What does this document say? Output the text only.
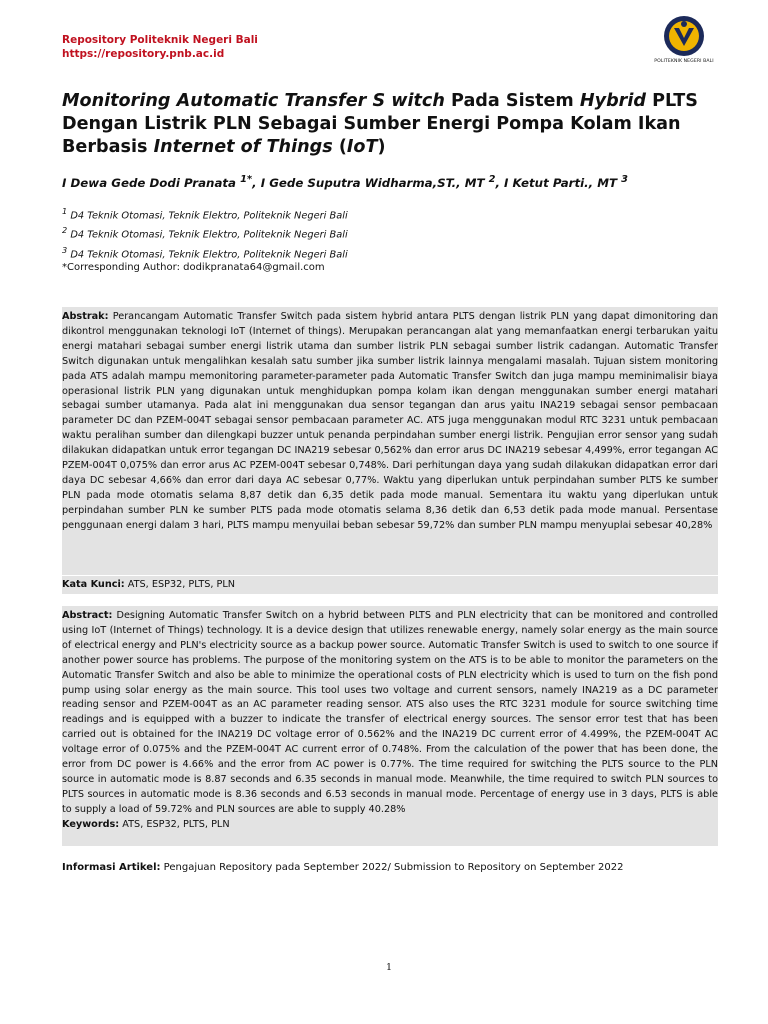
Repository Politeknik Negeri Bali
https://repository.pnb.ac.id
POLITEKNIK NEGERI BALI
Monitoring Automatic Transfer S witch Pada Sistem Hybrid PLTS Dengan Listrik PLN Sebagai Sumber Energi Pompa Kolam Ikan Berbasis Internet of Things (IoT)
I Dewa Gede Dodi Pranata $^{1*}$, I Gede Suputra Widharma,ST., MT $^2$, I Ketut Parti., MT $^3$
$^1$ D4 Teknik Otomasi, Teknik Elektro, Politeknik Negeri Bali
$^2$ D4 Teknik Otomasi, Teknik Elektro, Politeknik Negeri Bali
$^3$ D4 Teknik Otomasi, Teknik Elektro, Politeknik Negeri Bali
*Corresponding Author: dodikpranata64@gmail.com

Abstrak: Perancangam Automatic Transfer Switch pada sistem hybrid antara PLTS dengan listrik PLN yang dapat dimonitoring dan dikontrol menggunakan teknologi IoT (Internet of things). Merupakan perancangan alat yang memanfaatkan energi terbarukan yaitu energi matahari sebagai sumber energi listrik utama dan sumber listrik PLN sebagai sumber listrik cadangan. Automatic Transfer Switch digunakan untuk mengalihkan kesalah satu sumber jika sumber listrik lainnya mengalami masalah. Tujuan sistem monitoring pada ATS adalah mampu memonitoring parameter-parameter pada Automatic Transfer Switch dan juga mampu meminimalisir biaya operasional listrik PLN yang digunakan untuk menghidupkan pompa kolam ikan dengan menggunakan sumber energi matahari sebagai sumber utamanya. Pada alat ini menggunakan dua sensor tegangan dan arus yaitu INA219 sebagai sensor pembacaan parameter DC dan PZEM-004T sebagai sensor pembacaan parameter AC. ATS juga menggunakan modul RTC 3231 untuk pembacaan waktu peralihan sumber dan dilengkapi buzzer untuk penanda perpindahan sumber energi listrik. Pengujian error sensor yang sudah dilakukan didapatkan untuk error tegangan DC INA219 sebesar 0,562% dan error arus DC INA219 sebesar 4,499%, error tegangan AC PZEM-004T 0,075% dan error arus AC PZEM-004T sebesar 0,748%. Dari perhitungan daya yang sudah dilakukan didapatkan error dari daya DC sebesar 4,66% dan error dari daya AC sebesar 0,77%. Waktu yang diperlukan untuk perpindahan sumber PLTS ke sumber PLN pada mode otomatis selama 8,87 detik dan 6,35 detik pada mode manual. Sementara itu waktu yang diperlukan untuk perpindahan sumber PLN ke sumber PLTS pada mode otomatis selama 8,36 detik dan 6,53 detik pada mode manual. Persentase penggunaan energi dalam 3 hari, PLTS mampu menyuilai beban sebesar 59,72% dan sumber PLN mampu menyuplai sebesar 40,28%

Kata Kunci: ATS, ESP32, PLTS, PLN

Abstract: Designing Automatic Transfer Switch on a hybrid between PLTS and PLN electricity that can be monitored and controlled using IoT (Internet of Things) technology. It is a device design that utilizes renewable energy, namely solar energy as the main source of electrical energy and PLN's electricity source as a backup power source. Automatic Transfer Switch is used to switch to one source if another power source has problems. The purpose of the monitoring system on the ATS is to be able to monitor the parameters on the Automatic Transfer Switch and also be able to minimize the operational costs of PLN electricity which is used to turn on the fish pond pump using solar energy as the main source. This tool uses two voltage and current sensors, namely INA219 as a DC parameter reading sensor and PZEM-004T as an AC parameter reading sensor. ATS also uses the RTC 3231 module for source switching time readings and is equipped with a buzzer to indicate the transfer of electrical energy sources. The sensor error test that has been carried out is obtained for the INA219 DC voltage error of 0.562% and the INA219 DC current error of 4.499%, the PZEM-004T AC voltage error of 0.075% and the PZEM-004T AC current error of 0.748%. From the calculation of the power that has been done, the error from DC power is 4.66% and the error from AC power is 0.77%. The time required for switching the PLTS source to the PLN source in automatic mode is 8.87 seconds and 6.35 seconds in manual mode. Meanwhile, the time required to switch PLN sources to PLTS sources in automatic mode is 8.36 seconds and 6.53 seconds in manual mode. Percentage of energy use in 3 days, PLTS is able to supply a load of 59.72% and PLN sources are able to supply 40.28%

Keywords: ATS, ESP32, PLTS, PLN

Informasi Artikel: Pengajuan Repository pada September 2022/ Submission to Repository on September 2022
1
